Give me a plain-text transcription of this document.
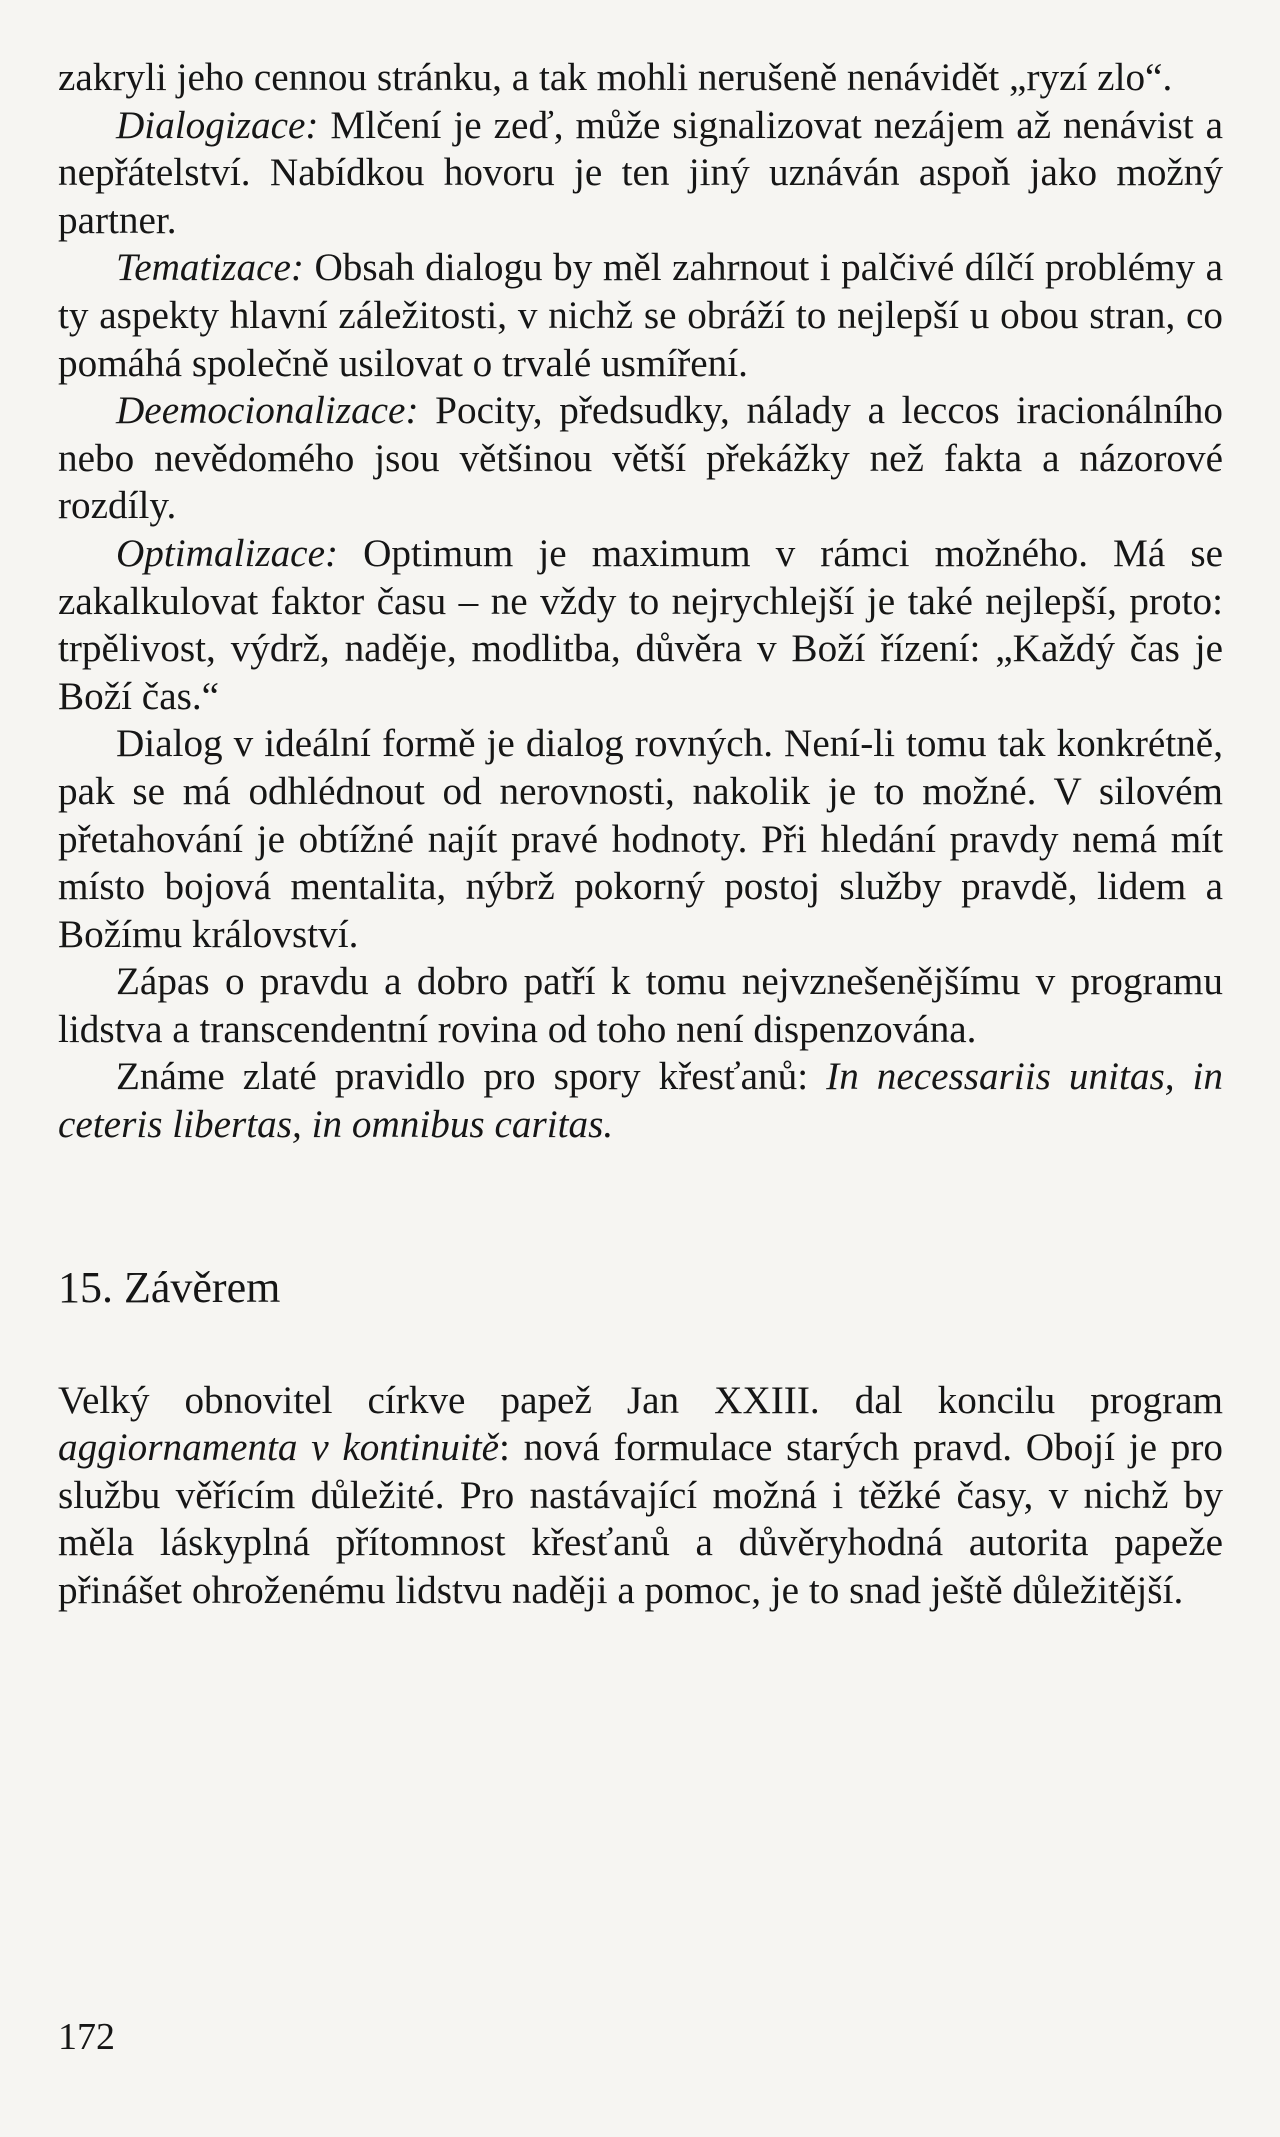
zakryli jeho cennou stránku, a tak mohli nerušeně nenávidět „ryzí zlo“.

Dialogizace: Mlčení je zeď, může signalizovat nezájem až nenávist a nepřátelství. Nabídkou hovoru je ten jiný uznáván aspoň jako možný partner.

Tematizace: Obsah dialogu by měl zahrnout i palčivé dílčí problémy a ty aspekty hlavní záležitosti, v nichž se obráží to nejlepší u obou stran, co pomáhá společně usilovat o trvalé usmíření.

Deemocionalizace: Pocity, předsudky, nálady a leccos iracionálního nebo nevědomého jsou většinou větší překážky než fakta a názorové rozdíly.

Optimalizace: Optimum je maximum v rámci možného. Má se zakalkulovat faktor času – ne vždy to nejrychlejší je také nejlepší, proto: trpělivost, výdrž, naděje, modlitba, důvěra v Boží řízení: „Každý čas je Boží čas.“

Dialog v ideální formě je dialog rovných. Není-li tomu tak konkrétně, pak se má odhlédnout od nerovnosti, nakolik je to možné. V silovém přetahování je obtížné najít pravé hodnoty. Při hledání pravdy nemá mít místo bojová mentalita, nýbrž pokorný postoj služby pravdě, lidem a Božímu království.

Zápas o pravdu a dobro patří k tomu nejvznešenějšímu v programu lidstva a transcendentní rovina od toho není dispenzována.

Známe zlaté pravidlo pro spory křesťanů: In necessariis unitas, in ceteris libertas, in omnibus caritas.

15. Závěrem

Velký obnovitel církve papež Jan XXIII. dal koncilu program aggiornamenta v kontinuitě: nová formulace starých pravd. Obojí je pro službu věřícím důležité. Pro nastávající možná i těžké časy, v nichž by měla láskyplná přítomnost křesťanů a důvěryhodná autorita papeže přinášet ohroženému lidstvu naději a pomoc, je to snad ještě důležitější.

172
